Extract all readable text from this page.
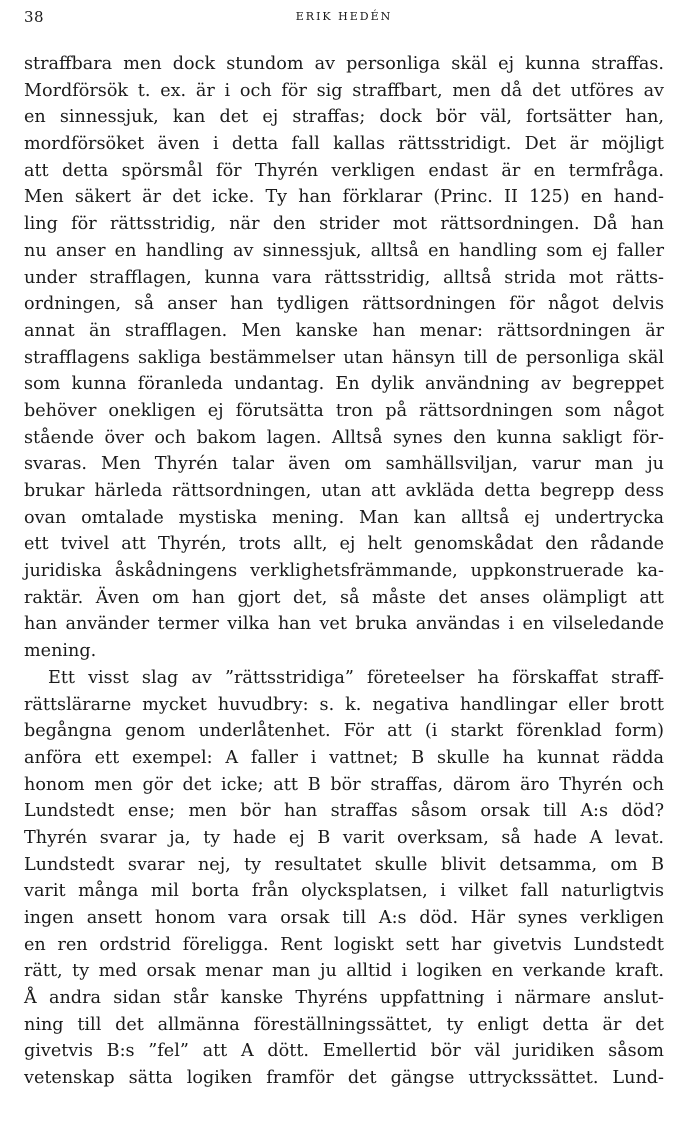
38	ERIK HEDÉN
straffbara men dock stundom av personliga skäl ej kunna straffas.
Mordförsök t. ex. är i och för sig straffbart, men då det utföres av
en sinnessjuk, kan det ej straffas; dock bör väl, fortsätter han,
mordförsöket även i detta fall kallas rättsstridigt. Det är möjligt
att detta spörsmål för Thyrén verkligen endast är en termfråga.
Men säkert är det icke. Ty han förklarar (Princ. II 125) en hand-
ling för rättsstridig, när den strider mot rättsordningen. Då han
nu anser en handling av sinnessjuk, alltså en handling som ej faller
under strafflagen, kunna vara rättsstridig, alltså strida mot rätts-
ordningen, så anser han tydligen rättsordningen för något delvis
annat än strafflagen. Men kanske han menar: rättsordningen är
strafflagens sakliga bestämmelser utan hänsyn till de personliga skäl
som kunna föranleda undantag. En dylik användning av begreppet
behöver onekligen ej förutsätta tron på rättsordningen som något
stående över och bakom lagen. Alltså synes den kunna sakligt för-
svaras. Men Thyrén talar även om samhällsviljan, varur man ju
brukar härleda rättsordningen, utan att avkläda detta begrepp dess
ovan omtalade mystiska mening. Man kan alltså ej undertrycka
ett tvivel att Thyrén, trots allt, ej helt genomskådat den rådande
juridiska åskådningens verklighetsfrämmande, uppkonstruerade ka-
raktär. Även om han gjort det, så måste det anses olämpligt att
han använder termer vilka han vet bruka användas i en vilseledande
mening.
Ett visst slag av ”rättsstridiga” företeelser ha förskaffat straff-
rättslärarne mycket huvudbry: s. k. negativa handlingar eller brott
begångna genom underlåtenhet. För att (i starkt förenklad form)
anföra ett exempel: A faller i vattnet; B skulle ha kunnat rädda
honom men gör det icke; att B bör straffas, därom äro Thyrén och
Lundstedt ense; men bör han straffas såsom orsak till A:s död?
Thyrén svarar ja, ty hade ej B varit overksam, så hade A levat.
Lundstedt svarar nej, ty resultatet skulle blivit detsamma, om B
varit många mil borta från olycksplatsen, i vilket fall naturligtvis
ingen ansett honom vara orsak till A:s död. Här synes verkligen
en ren ordstrid föreligga. Rent logiskt sett har givetvis Lundstedt
rätt, ty med orsak menar man ju alltid i logiken en verkande kraft.
Å andra sidan står kanske Thyréns uppfattning i närmare anslut-
ning till det allmänna föreställningssättet, ty enligt detta är det
givetvis B:s ”fel” att A dött. Emellertid bör väl juridiken såsom
vetenskap sätta logiken framför det gängse uttryckssättet. Lund-
